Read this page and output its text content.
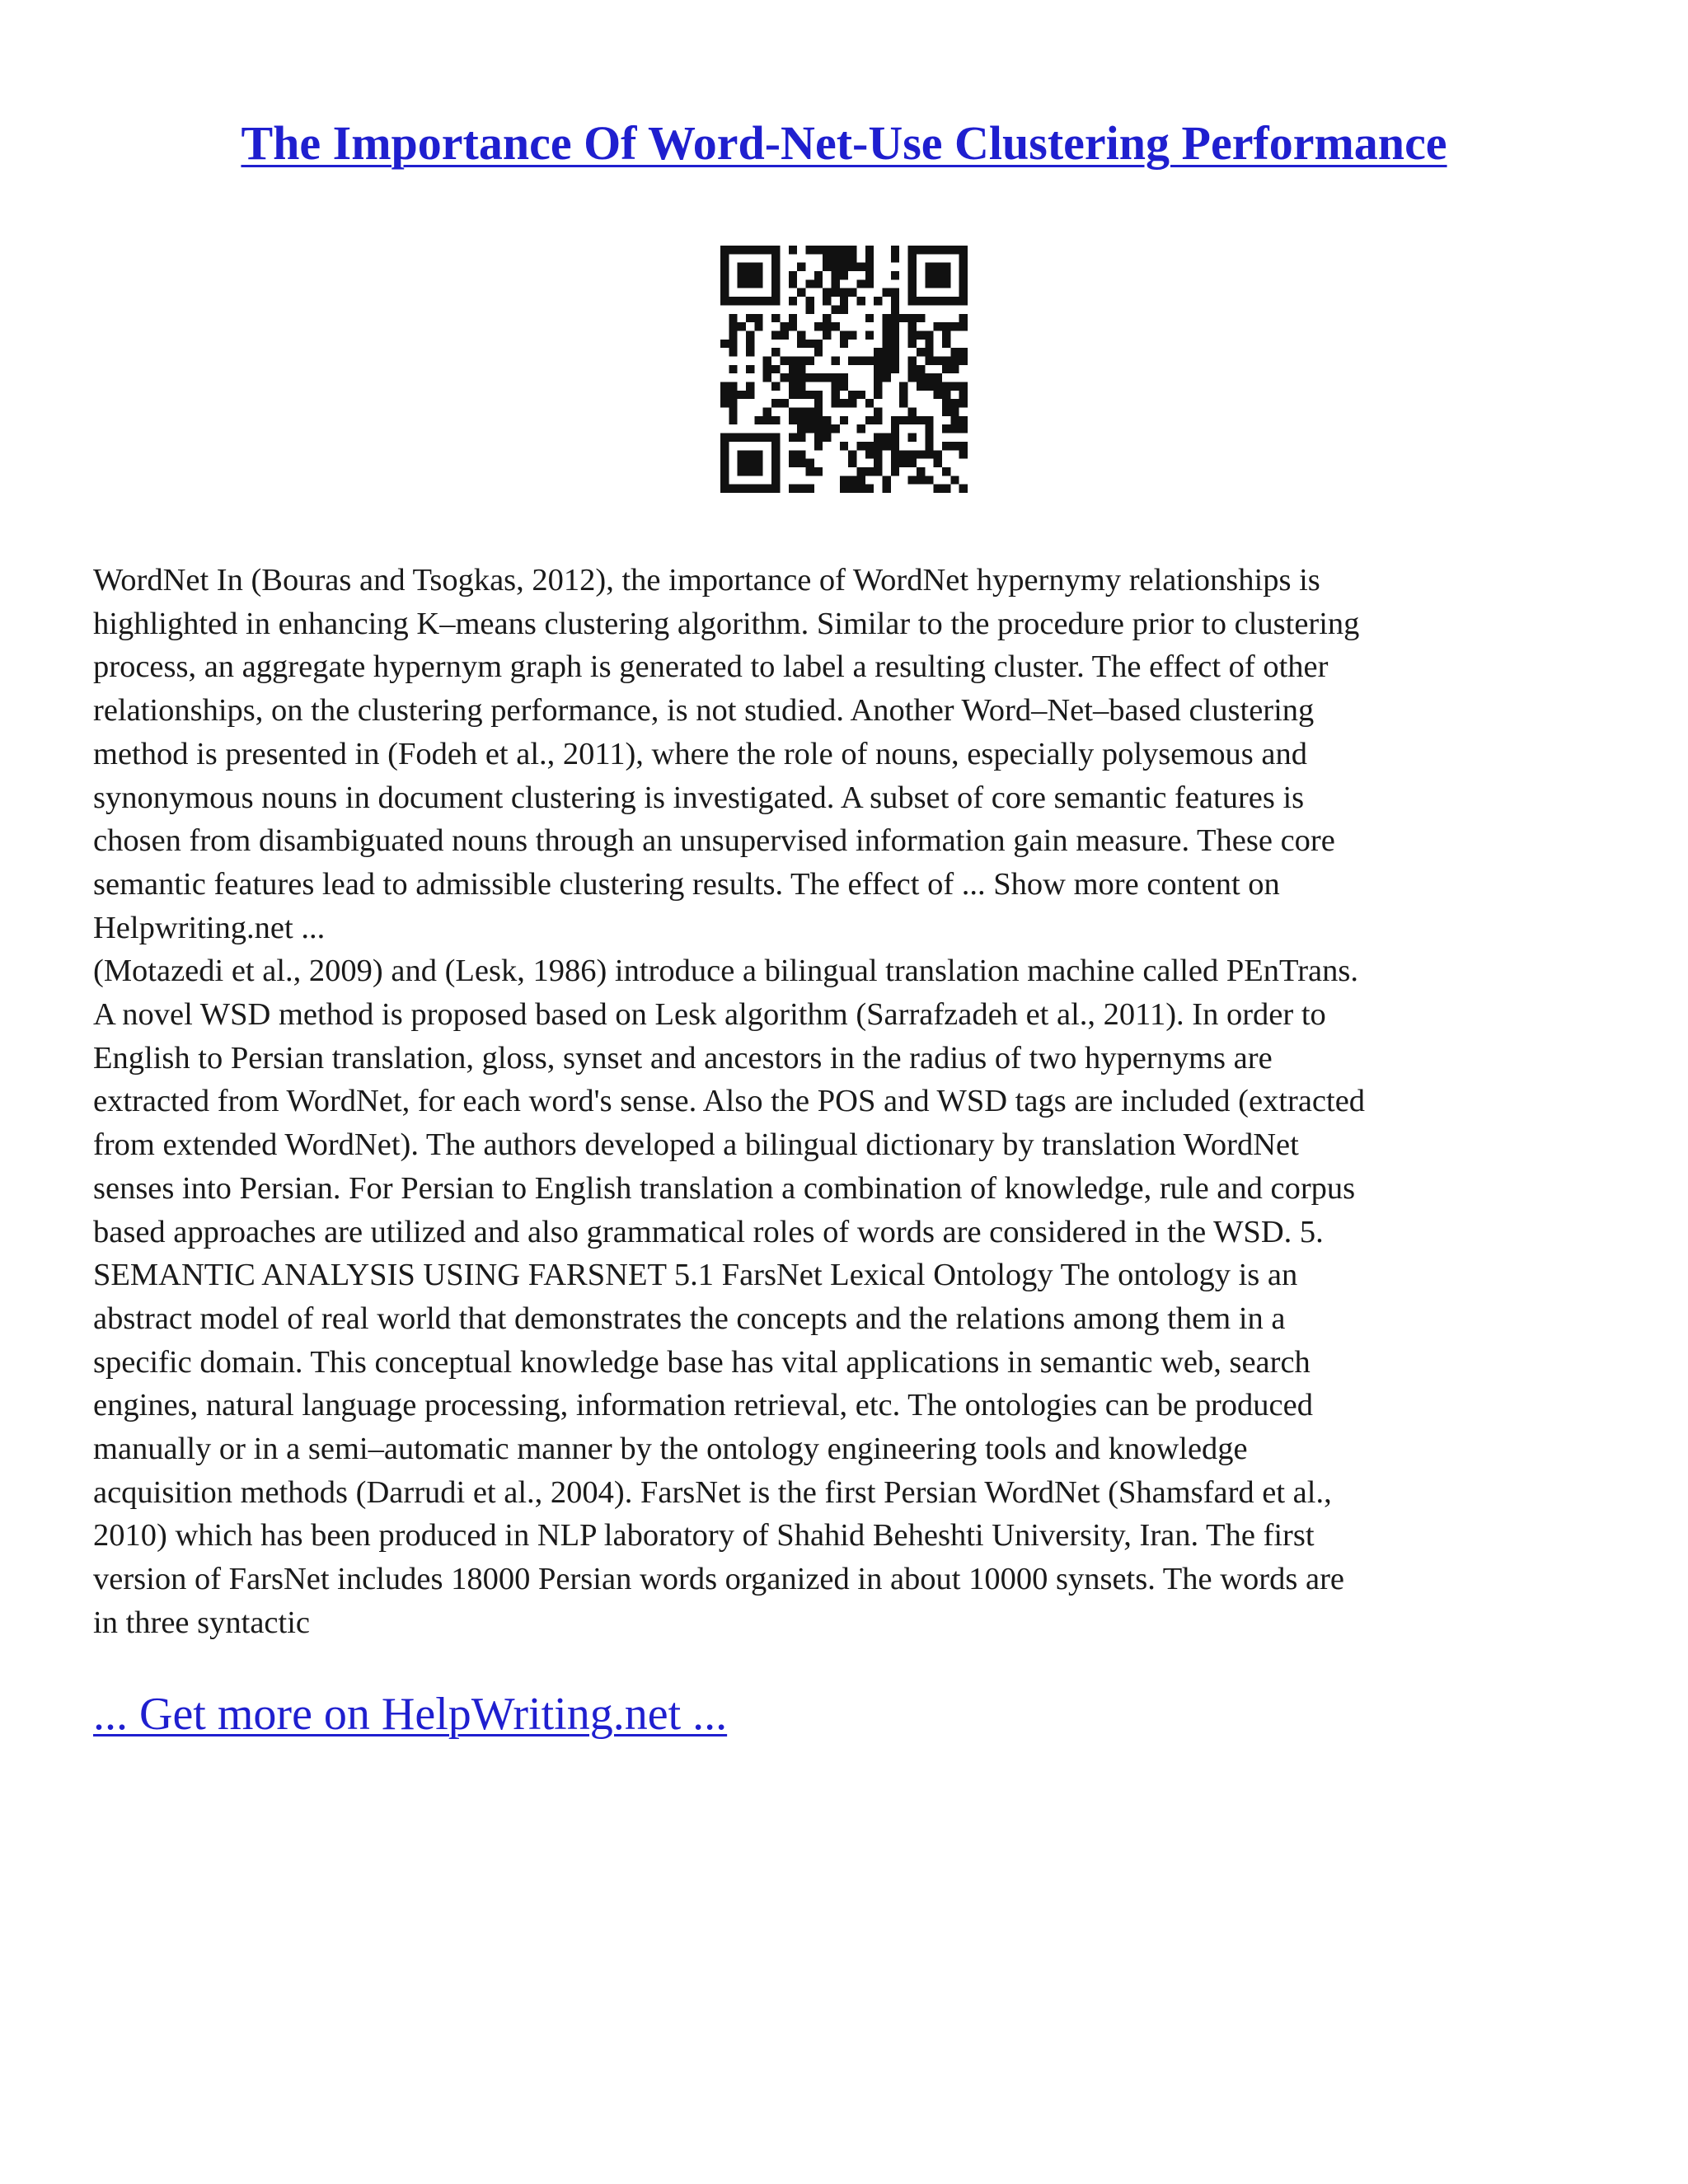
The Importance Of Word-Net-Use Clustering Performance

WordNet In (Bouras and Tsogkas, 2012), the importance of WordNet hypernymy relationships is
highlighted in enhancing K–means clustering algorithm. Similar to the procedure prior to clustering
process, an aggregate hypernym graph is generated to label a resulting cluster. The effect of other
relationships, on the clustering performance, is not studied. Another Word–Net–based clustering
method is presented in (Fodeh et al., 2011), where the role of nouns, especially polysemous and
synonymous nouns in document clustering is investigated. A subset of core semantic features is
chosen from disambiguated nouns through an unsupervised information gain measure. These core
semantic features lead to admissible clustering results. The effect of ... Show more content on
Helpwriting.net ...

(Motazedi et al., 2009) and (Lesk, 1986) introduce a bilingual translation machine called PEnTrans.
A novel WSD method is proposed based on Lesk algorithm (Sarrafzadeh et al., 2011). In order to
English to Persian translation, gloss, synset and ancestors in the radius of two hypernyms are
extracted from WordNet, for each word's sense. Also the POS and WSD tags are included (extracted
from extended WordNet). The authors developed a bilingual dictionary by translation WordNet
senses into Persian. For Persian to English translation a combination of knowledge, rule and corpus
based approaches are utilized and also grammatical roles of words are considered in the WSD. 5.
SEMANTIC ANALYSIS USING FARSNET 5.1 FarsNet Lexical Ontology The ontology is an
abstract model of real world that demonstrates the concepts and the relations among them in a
specific domain. This conceptual knowledge base has vital applications in semantic web, search
engines, natural language processing, information retrieval, etc. The ontologies can be produced
manually or in a semi–automatic manner by the ontology engineering tools and knowledge
acquisition methods (Darrudi et al., 2004). FarsNet is the first Persian WordNet (Shamsfard et al.,
2010) which has been produced in NLP laboratory of Shahid Beheshti University, Iran. The first
version of FarsNet includes 18000 Persian words organized in about 10000 synsets. The words are
in three syntactic

... Get more on HelpWriting.net ...
